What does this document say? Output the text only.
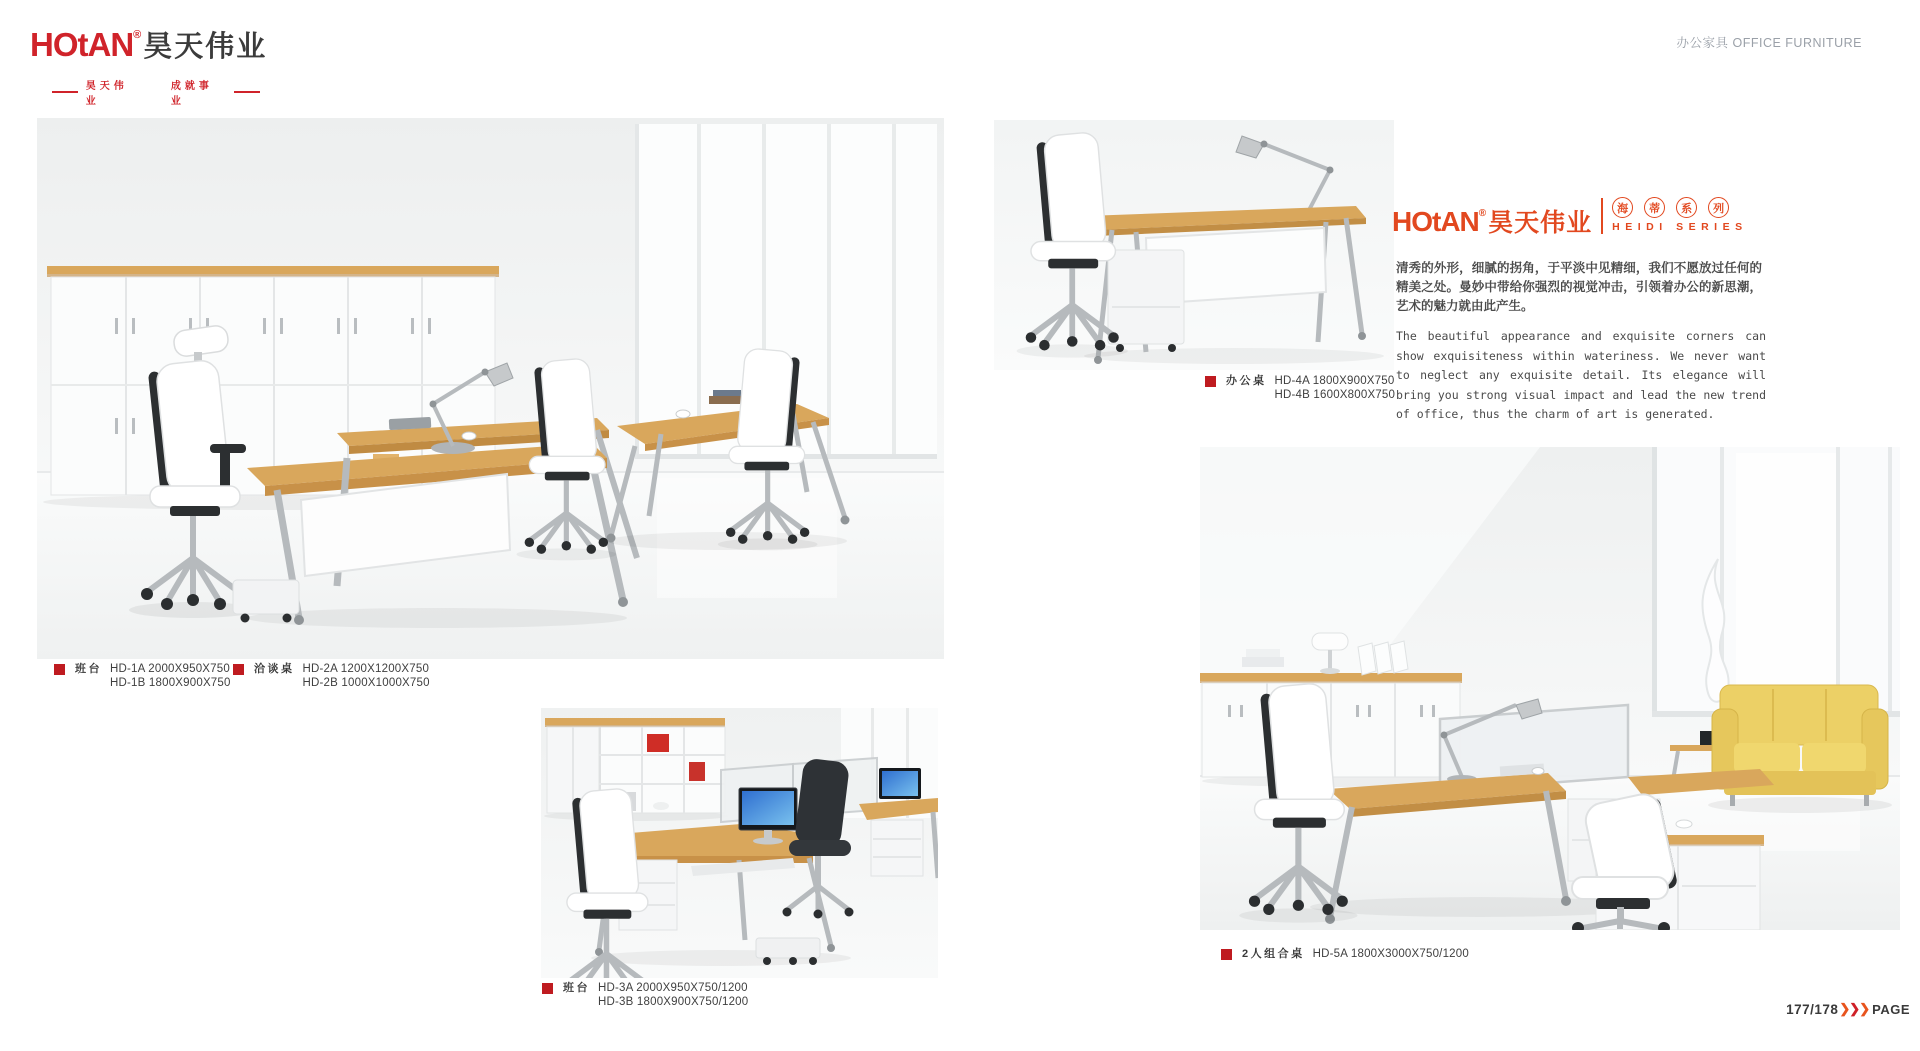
HOtAN®昊天伟业
昊天伟业
成就事业
办公家具 OFFICE FURNITURE
班台 HD-1A 2000X950X750
HD-1B 1800X900X750
洽谈桌 HD-2A 1200X1200X750
HD-2B 1000X1000X750
班台 HD-3A 2000X950X750/1200
HD-3B 1800X900X750/1200
办公桌 HD-4A 1800X900X750
HD-4B 1600X800X750
2人组合桌 HD-5A 1800X3000X750/1200
HOtAN®昊天伟业
海	蒂	系	列
HEIDI SERIES

清秀的外形，细腻的拐角，于平淡中见精细，我们不愿放过任何的精美之处。曼妙中带给你强烈的视觉冲击，引领着办公的新思潮，艺术的魅力就由此产生。

The beautiful appearance and exquisite corners can show exquisiteness within wateriness. We never want to neglect any exquisite detail. Its elegance will bring you strong visual impact and lead the new trend of office, thus the charm of art is generated.

177/178 ❯ ❯ ❯ PAGE
